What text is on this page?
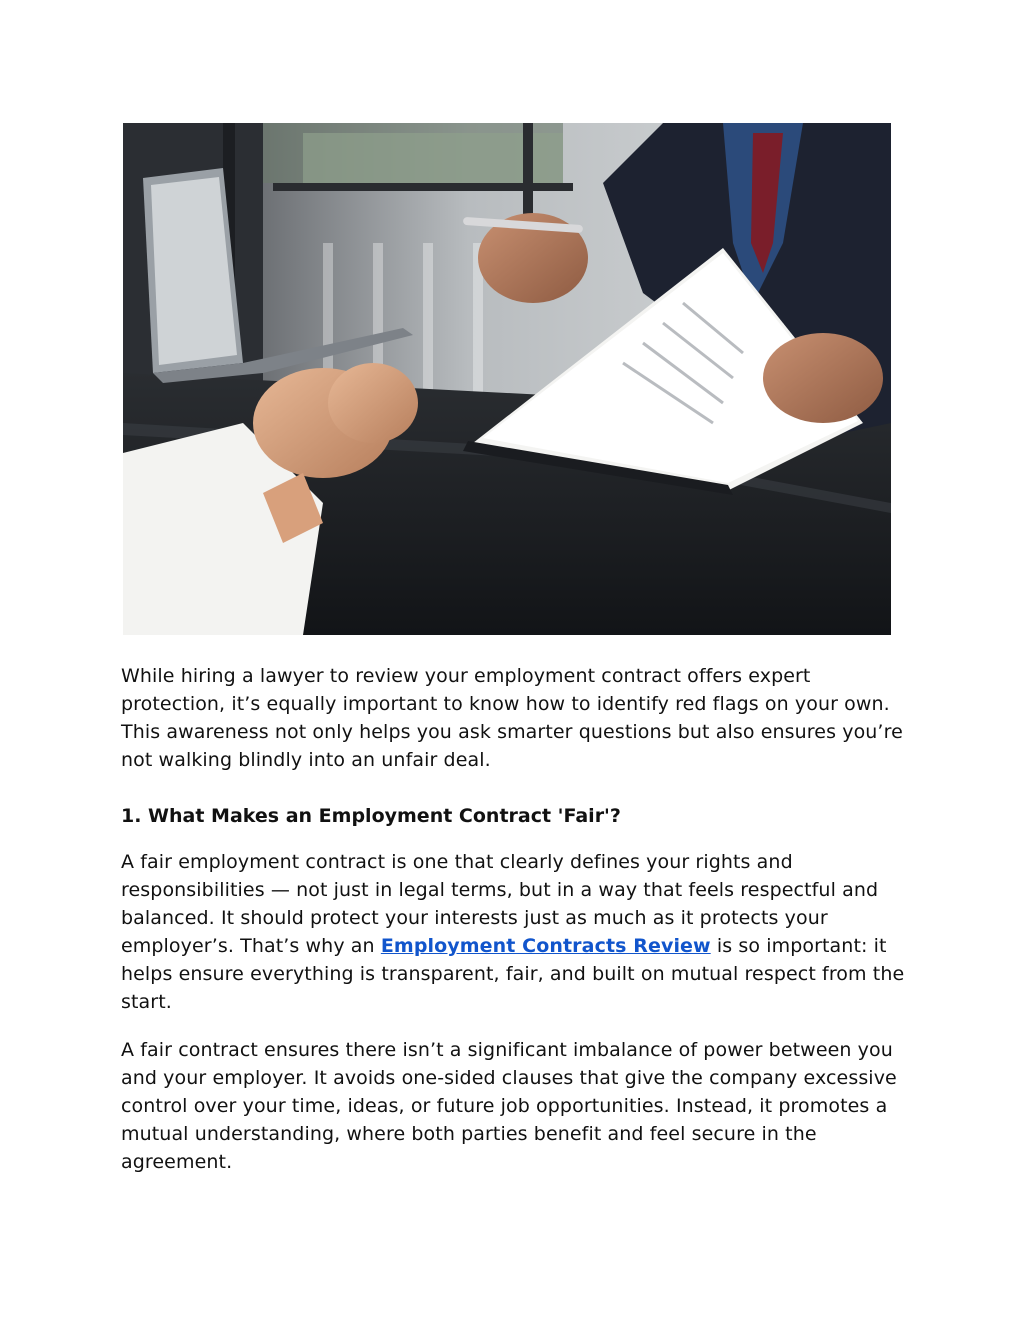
While hiring a lawyer to review your employment contract offers expert protection, it’s equally important to know how to identify red flags on your own. This awareness not only helps you ask smarter questions but also ensures you’re not walking blindly into an unfair deal.

1. What Makes an Employment Contract 'Fair'?

A fair employment contract is one that clearly defines your rights and responsibilities — not just in legal terms, but in a way that feels respectful and balanced. It should protect your interests just as much as it protects your employer’s. That’s why an Employment Contracts Review is so important: it helps ensure everything is transparent, fair, and built on mutual respect from the start.

A fair contract ensures there isn’t a significant imbalance of power between you and your employer. It avoids one-sided clauses that give the company excessive control over your time, ideas, or future job opportunities. Instead, it promotes a mutual understanding, where both parties benefit and feel secure in the agreement.
